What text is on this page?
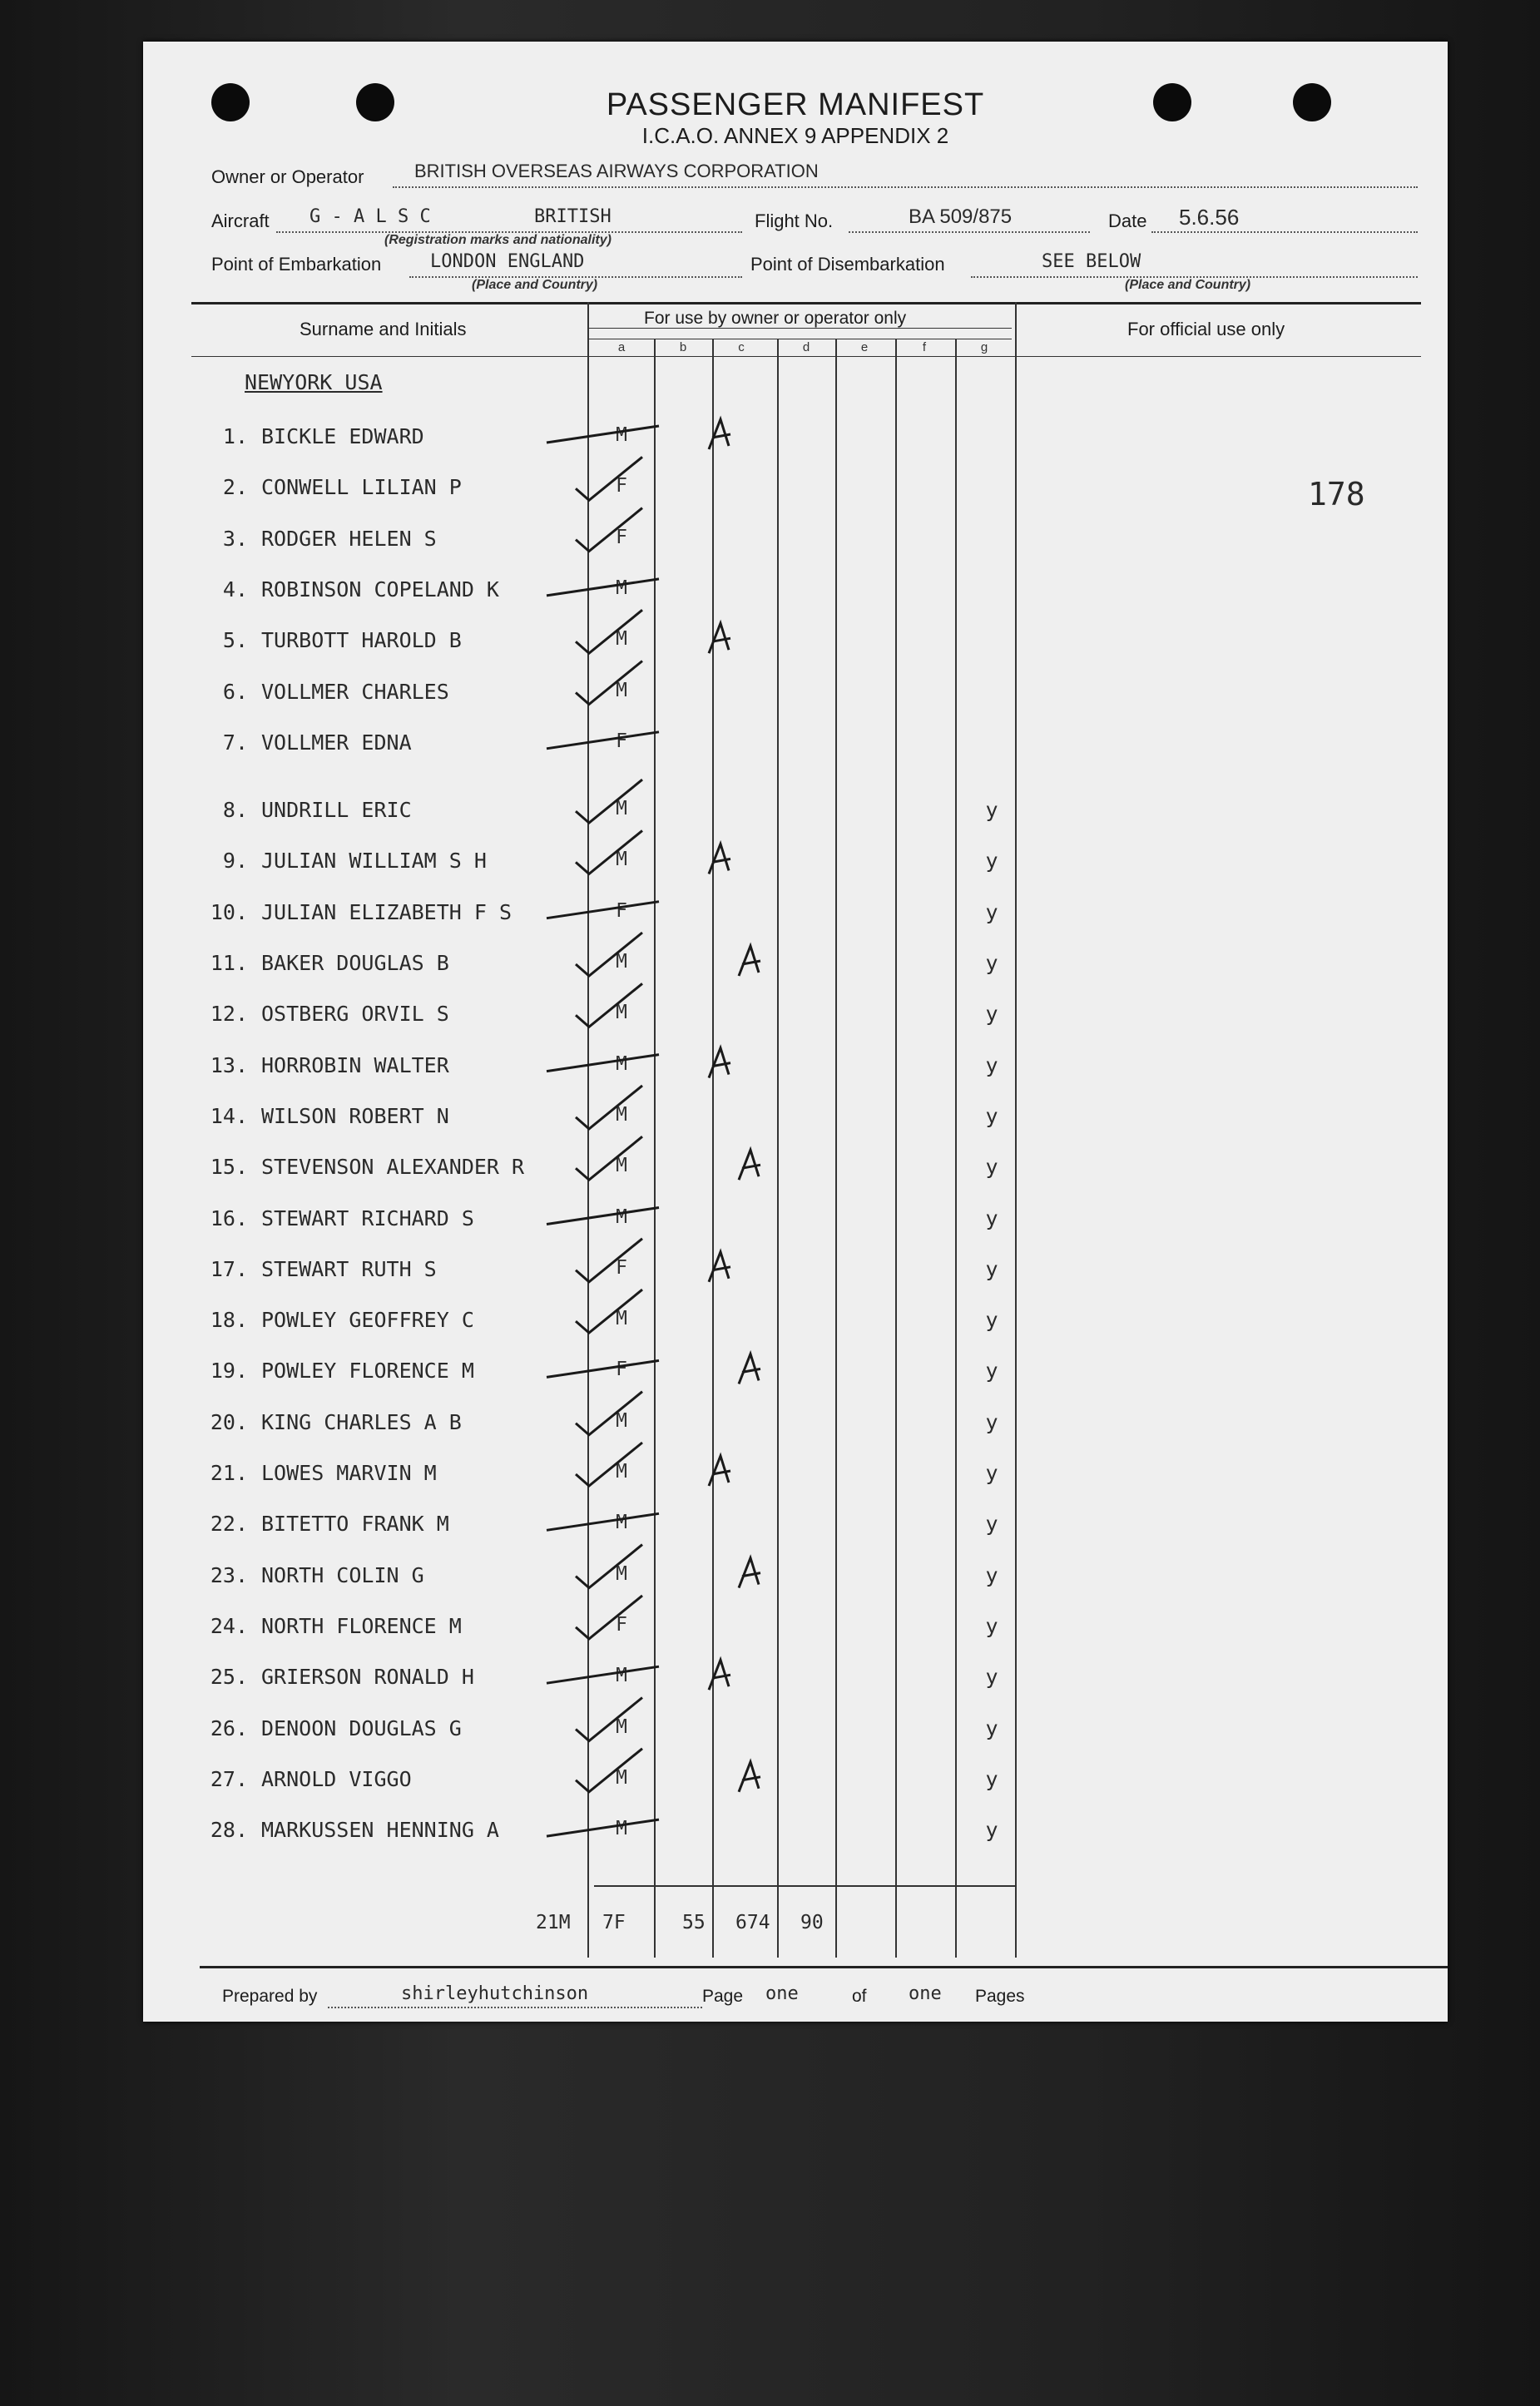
PASSENGER MANIFEST
I.C.A.O. ANNEX 9 APPENDIX 2
Owner or Operator	BRITISH OVERSEAS AIRWAYS CORPORATION
Aircraft G - A L S C	BRITISH
(Registration marks and nationality)
Flight No.	BA 509/875	Date 5.6.56
Point of Embarkation	LONDON ENGLAND
(Place and Country)
Point of Disembarkation	SEE BELOW
(Place and Country)
Surname and Initials
For use by owner or operator only
For official use only
a	b	c	d	e	f	g
NEWYORK USA
178
1. BICKLE EDWARD	M
2. CONWELL LILIAN P	F
3. RODGER HELEN S	F
4. ROBINSON COPELAND K	M
5. TURBOTT HAROLD B	M
6. VOLLMER CHARLES	M
7. VOLLMER EDNA	F
8. UNDRILL ERIC	M	y
9. JULIAN WILLIAM S H	M	y
10. JULIAN ELIZABETH F S	F	y
11. BAKER DOUGLAS B	M	y
12. OSTBERG ORVIL S	M	y
13. HORROBIN WALTER	M	y
14. WILSON ROBERT N	M	y
15. STEVENSON ALEXANDER R	M	y
16. STEWART RICHARD S	M	y
17. STEWART RUTH S	F	y
18. POWLEY GEOFFREY C	M	y
19. POWLEY FLORENCE M	F	y
20. KING CHARLES A B	M	y
21. LOWES MARVIN M	M	y
22. BITETTO FRANK M	M	y
23. NORTH COLIN G	M	y
24. NORTH FLORENCE M	F	y
25. GRIERSON RONALD H	M	y
26. DENOON DOUGLAS G	M	y
27. ARNOLD VIGGO	M	y
28. MARKUSSEN HENNING A	M	y
21M 7F	55 674 90
Prepared by	shirleyhutchinson	Page one	of one Pages
